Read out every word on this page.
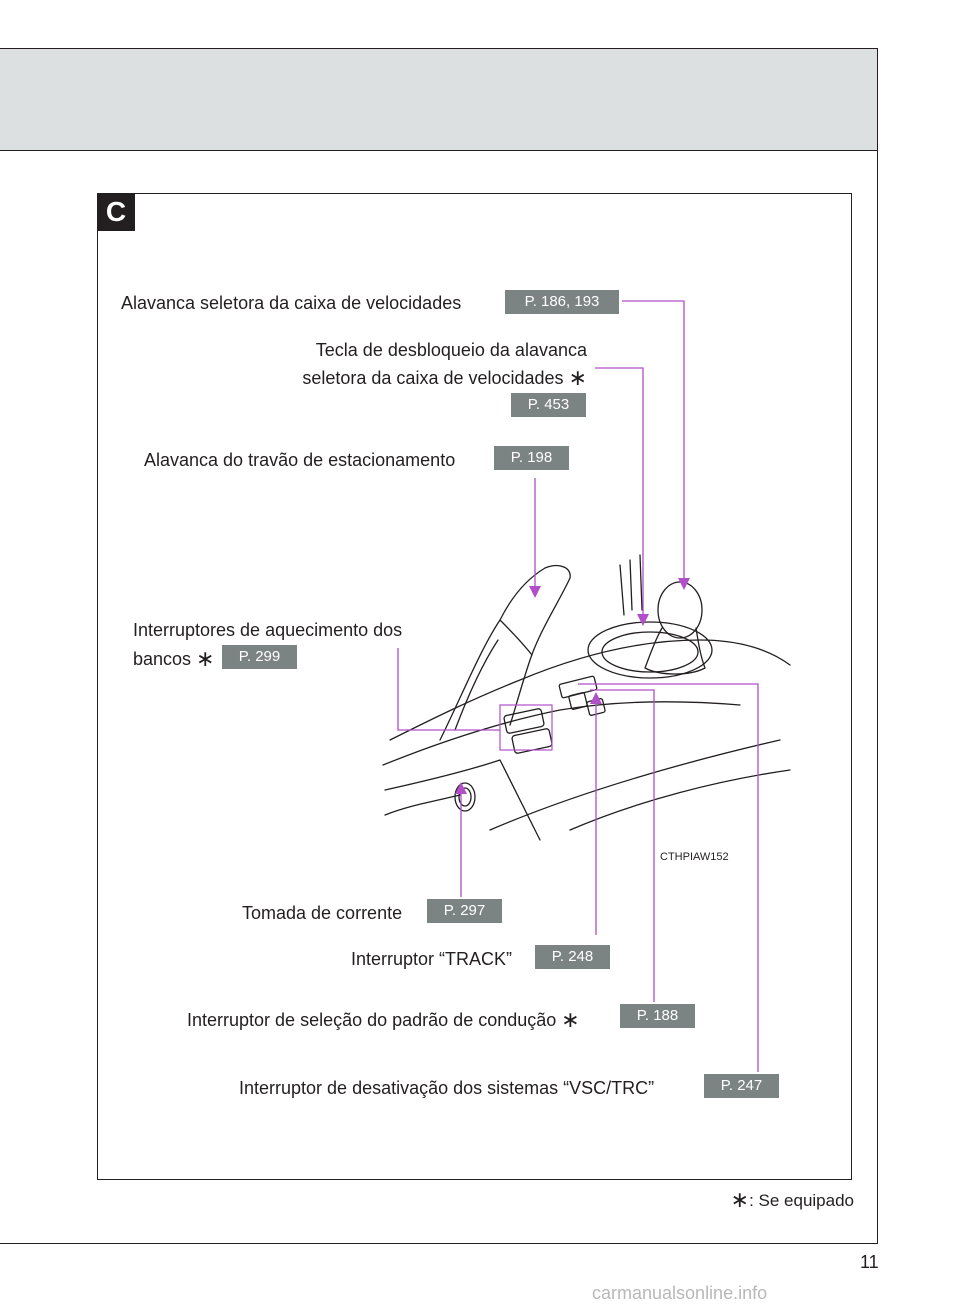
C
Alavanca seletora da caixa de velocidades	P. 186, 193
Tecla de desbloqueio da alavanca
seletora da caixa de velocidades ∗
P. 453
Alavanca do travão de estacionamento	P. 198
Interruptores de aquecimento dos
bancos ∗	P. 299
CTHPIAW152
Tomada de corrente	P. 297
Interruptor “TRACK”	P. 248
Interruptor de seleção do padrão de condução ∗	P. 188
Interruptor de desativação dos sistemas “VSC/TRC”	P. 247
∗: Se equipado
11
carmanualsonline.info
